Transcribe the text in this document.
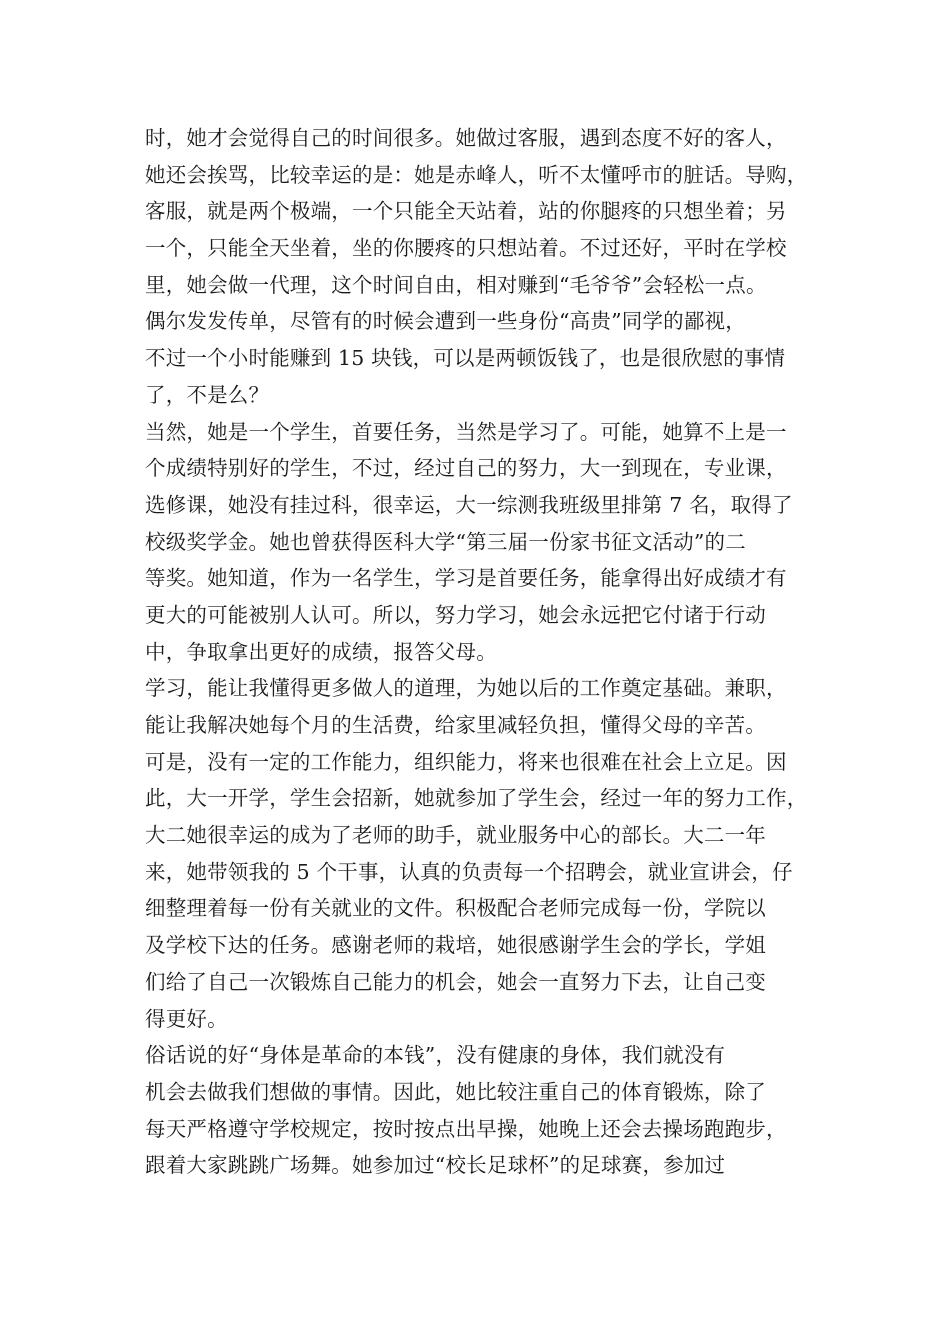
时，她才会觉得自己的时间很多。她做过客服，遇到态度不好的客人，
她还会挨骂，比较幸运的是：她是赤峰人，听不太懂呼市的脏话。导购，
客服，就是两个极端，一个只能全天站着，站的你腿疼的只想坐着；另
一个，只能全天坐着，坐的你腰疼的只想站着。不过还好，平时在学校
里，她会做一代理，这个时间自由，相对赚到“毛爷爷”会轻松一点。
偶尔发发传单，尽管有的时候会遭到一些身份“高贵”同学的鄙视，
不过一个小时能赚到 15 块钱，可以是两顿饭钱了，也是很欣慰的事情
了，不是么？
当然，她是一个学生，首要任务，当然是学习了。可能，她算不上是一
个成绩特别好的学生，不过，经过自己的努力，大一到现在，专业课，
选修课，她没有挂过科，很幸运，大一综测我班级里排第 7 名，取得了
校级奖学金。她也曾获得医科大学“第三届一份家书征文活动”的二
等奖。她知道，作为一名学生，学习是首要任务，能拿得出好成绩才有
更大的可能被别人认可。所以，努力学习，她会永远把它付诸于行动
中，争取拿出更好的成绩，报答父母。
学习，能让我懂得更多做人的道理，为她以后的工作奠定基础。兼职，
能让我解决她每个月的生活费，给家里减轻负担，懂得父母的辛苦。
可是，没有一定的工作能力，组织能力，将来也很难在社会上立足。因
此，大一开学，学生会招新，她就参加了学生会，经过一年的努力工作，
大二她很幸运的成为了老师的助手，就业服务中心的部长。大二一年
来，她带领我的 5 个干事，认真的负责每一个招聘会，就业宣讲会，仔
细整理着每一份有关就业的文件。积极配合老师完成每一份，学院以
及学校下达的任务。感谢老师的栽培，她很感谢学生会的学长，学姐
们给了自己一次锻炼自己能力的机会，她会一直努力下去，让自己变
得更好。
俗话说的好“身体是革命的本钱”，没有健康的身体，我们就没有
机会去做我们想做的事情。因此，她比较注重自己的体育锻炼，除了
每天严格遵守学校规定，按时按点出早操，她晚上还会去操场跑跑步，
跟着大家跳跳广场舞。她参加过“校长足球杯”的足球赛，参加过
